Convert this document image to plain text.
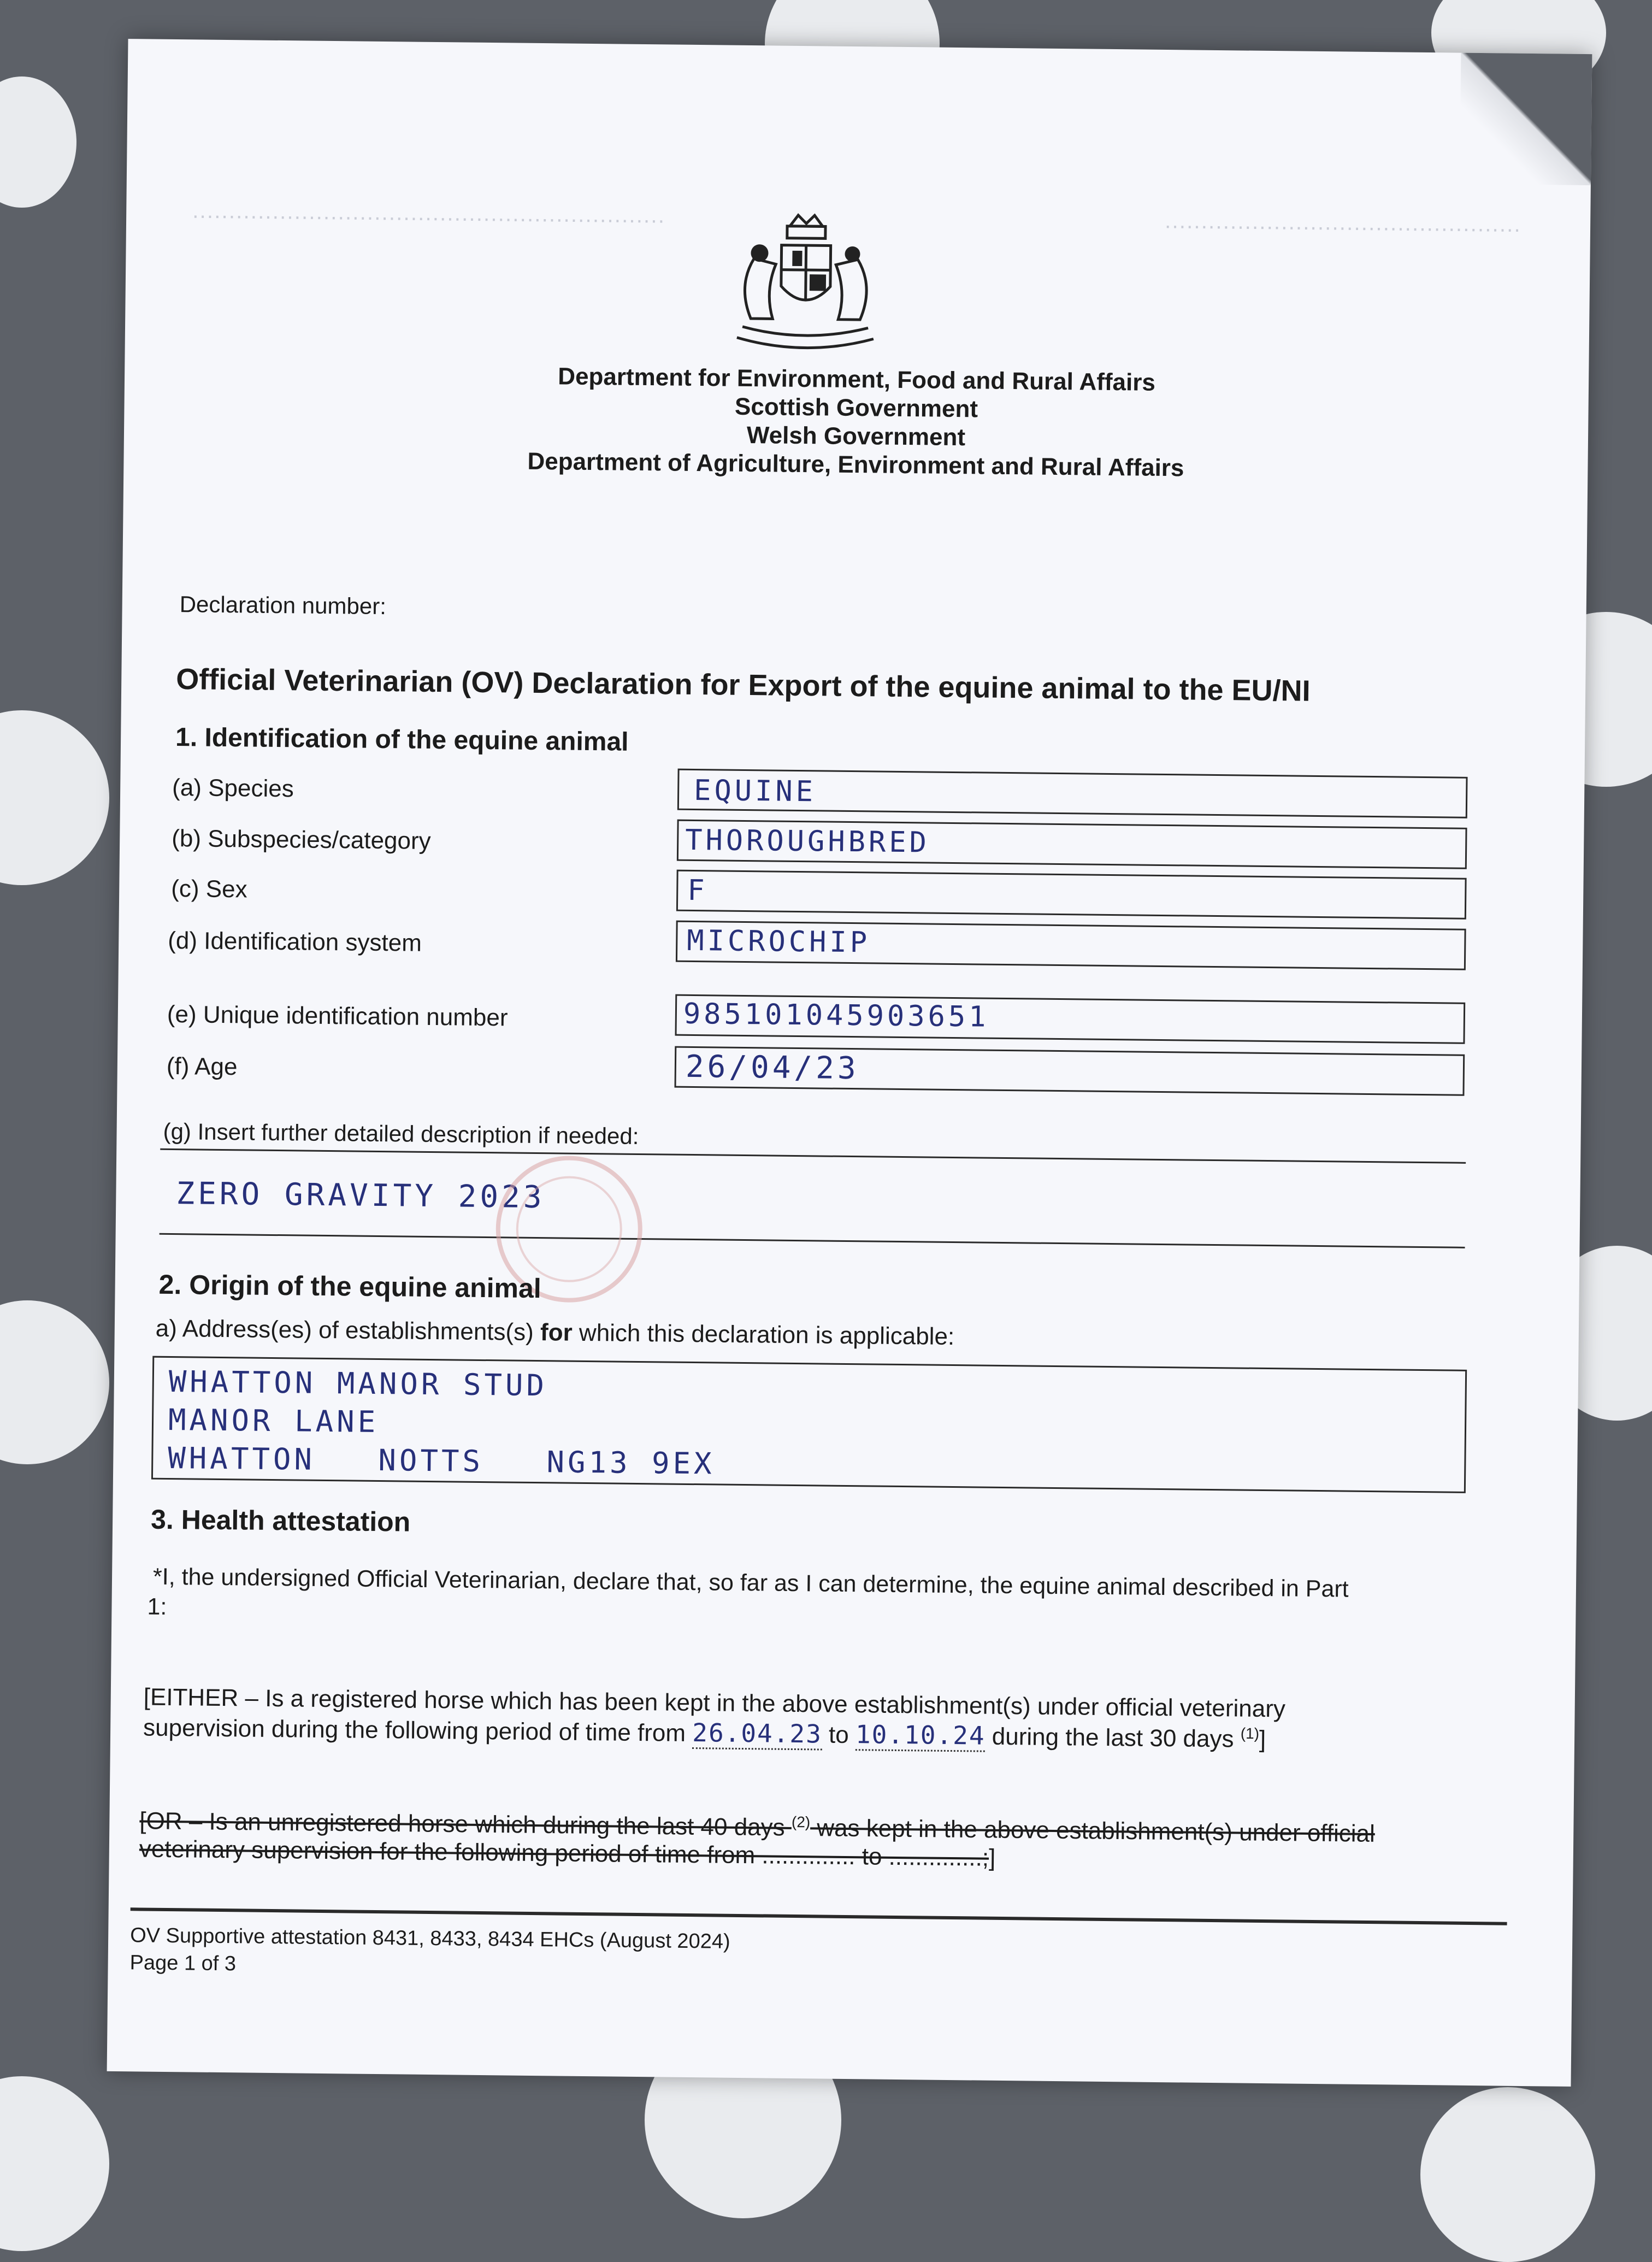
·································································	·················································
Department for Environment, Food and Rural Affairs
Scottish Government
Welsh Government
Department of Agriculture, Environment and Rural Affairs
Declaration number:
Official Veterinarian (OV) Declaration for Export of the equine animal to the EU/NI
1. Identification of the equine animal
(a) Species	EQUINE
(b) Subspecies/category	THOROUGHBRED
(c) Sex	F
(d) Identification system	MICROCHIP
(e) Unique identification number	985101045903651
(f) Age	26/04/23
(g) Insert further detailed description if needed:
ZERO GRAVITY 2023
2. Origin of the equine animal
a) Address(es) of establishments(s) for which this declaration is applicable:
WHATTON MANOR STUD
MANOR LANE
WHATTON   NOTTS   NG13 9EX
3. Health attestation
*I, the undersigned Official Veterinarian, declare that, so far as I can determine, the equine animal described in Part
1:
[EITHER – Is a registered horse which has been kept in the above establishment(s) under official veterinary
supervision during the following period of time from 26.04.23 to 10.10.24 during the last 30 days $^{(1)}$]
[OR – Is an unregistered horse which during the last 40 days $^{(2)}$ was kept in the above establishment(s) under official
veterinary supervision for the following period of time from .............. to ..............;]
OV Supportive attestation 8431, 8433, 8434 EHCs (August 2024)
Page 1 of 3
